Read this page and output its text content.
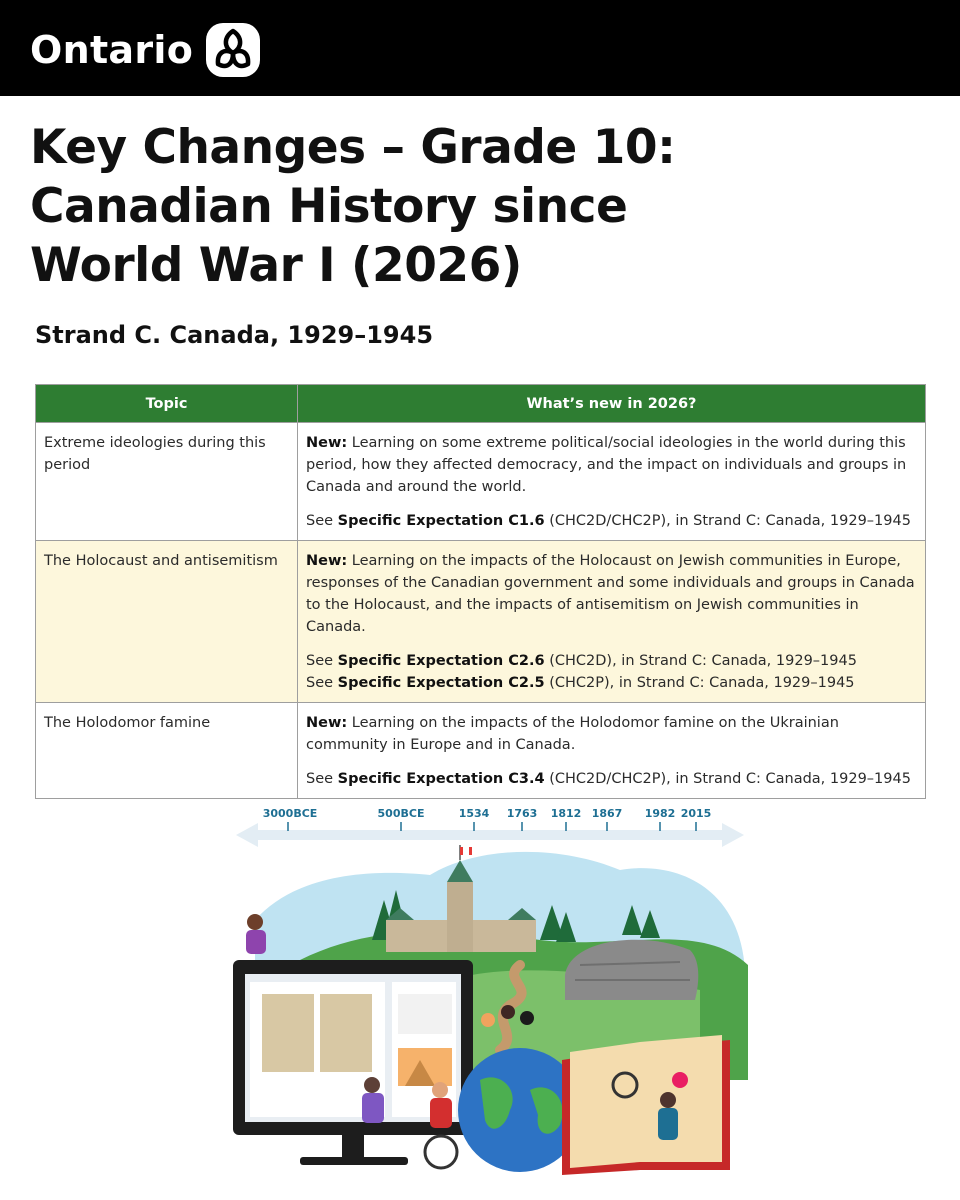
Ontario
Key Changes – Grade 10: Canadian History since World War I (2026)
Strand C. Canada, 1929–1945
Topic	What’s new in 2026?
Extreme ideologies during this period	New: Learning on some extreme political/social ideologies in the world during this period, how they affected democracy, and the impact on individuals and groups in Canada and around the world.

See Specific Expectation C1.6 (CHC2D/CHC2P), in Strand C: Canada, 1929–1945

The Holocaust and antisemitism	New: Learning on the impacts of the Holocaust on Jewish communities in Europe, responses of the Canadian government and some individuals and groups in Canada to the Holocaust, and the impacts of antisemitism on Jewish communities in Canada.

See Specific Expectation C2.6 (CHC2D), in Strand C: Canada, 1929–1945

See Specific Expectation C2.5 (CHC2P), in Strand C: Canada, 1929–1945

The Holodomor famine	New: Learning on the impacts of the Holodomor famine on the Ukrainian community in Europe and in Canada.

See Specific Expectation C3.4 (CHC2D/CHC2P), in Strand C: Canada, 1929–1945

3000BCE	500BCE	1534 1763 1812 1867 1982 2015
